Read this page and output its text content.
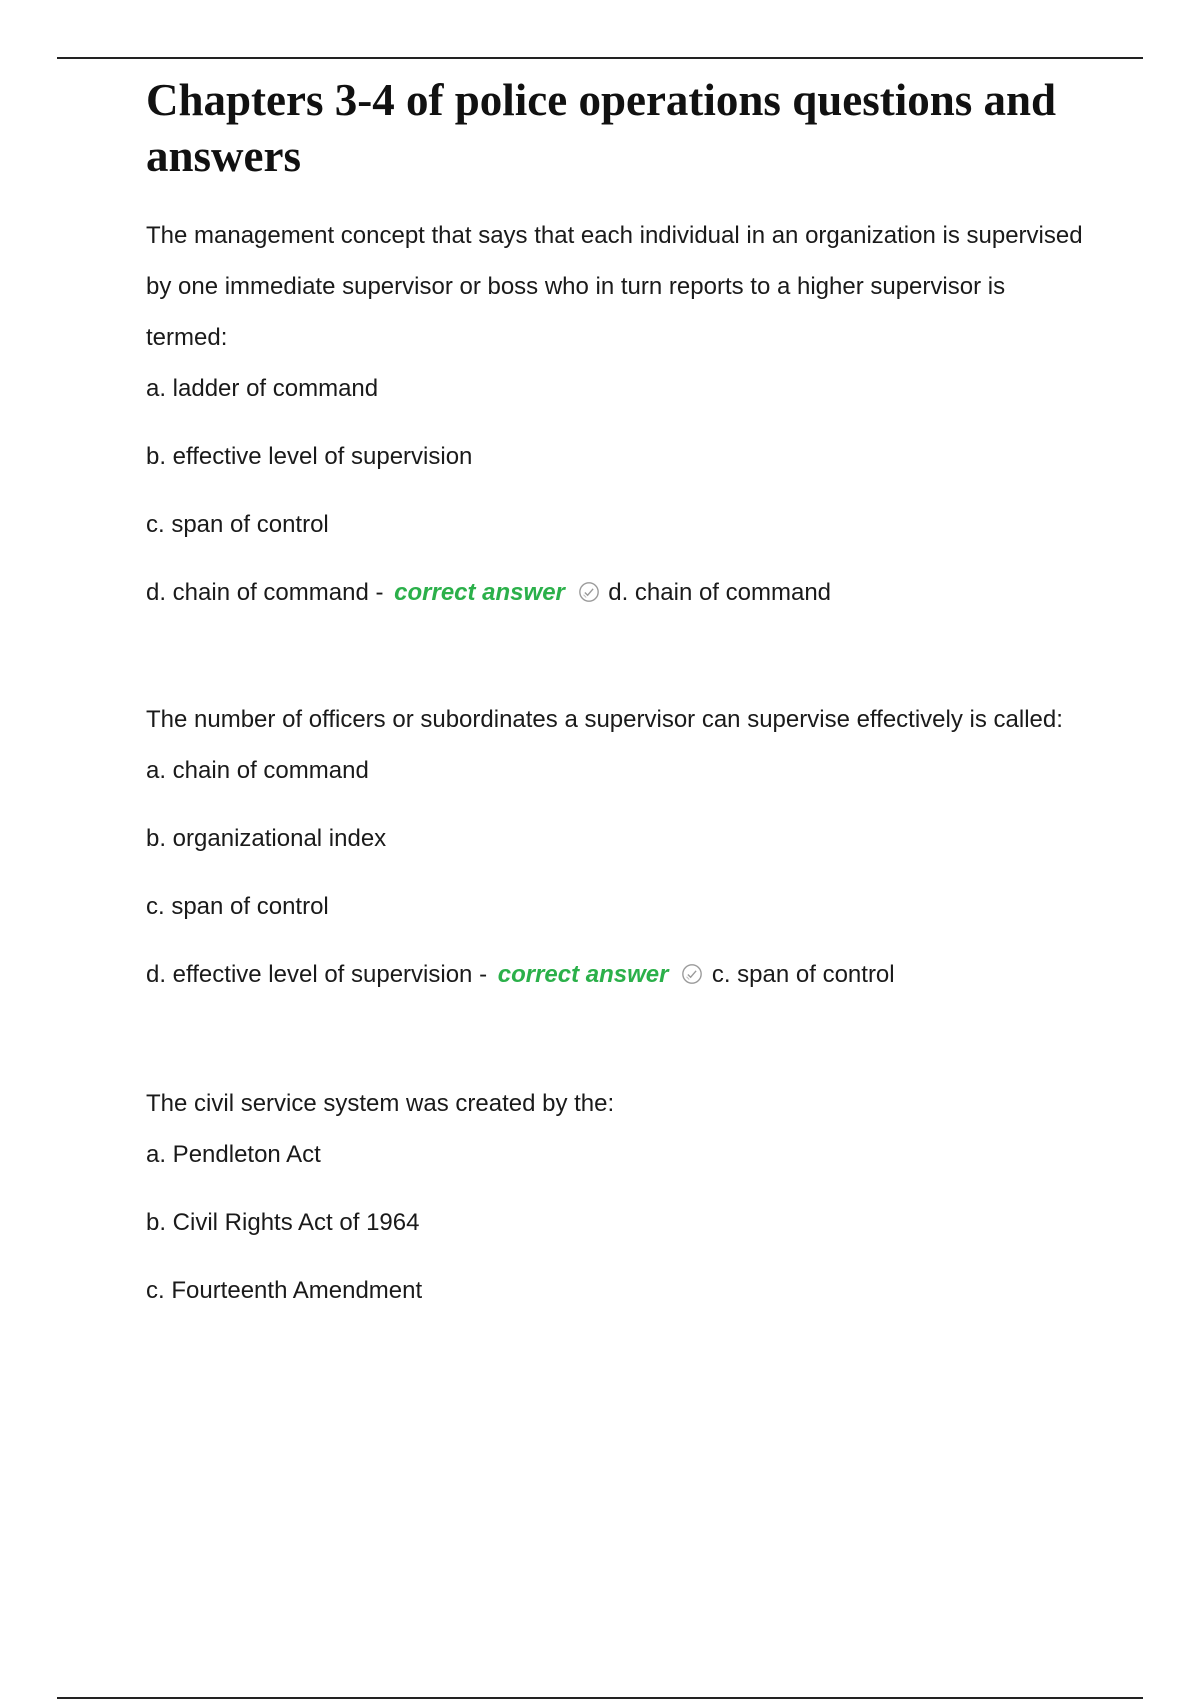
Chapters 3-4 of police operations questions and answers

The management concept that says that each individual in an organization is supervised by one immediate supervisor or boss who in turn reports to a higher supervisor is termed:

a. ladder of command
b. effective level of supervision
c. span of control
d. chain of command - correct answer d. chain of command

The number of officers or subordinates a supervisor can supervise effectively is called:

a. chain of command
b. organizational index
c. span of control
d. effective level of supervision - correct answer c. span of control

The civil service system was created by the:

a. Pendleton Act
b. Civil Rights Act of 1964
c. Fourteenth Amendment
